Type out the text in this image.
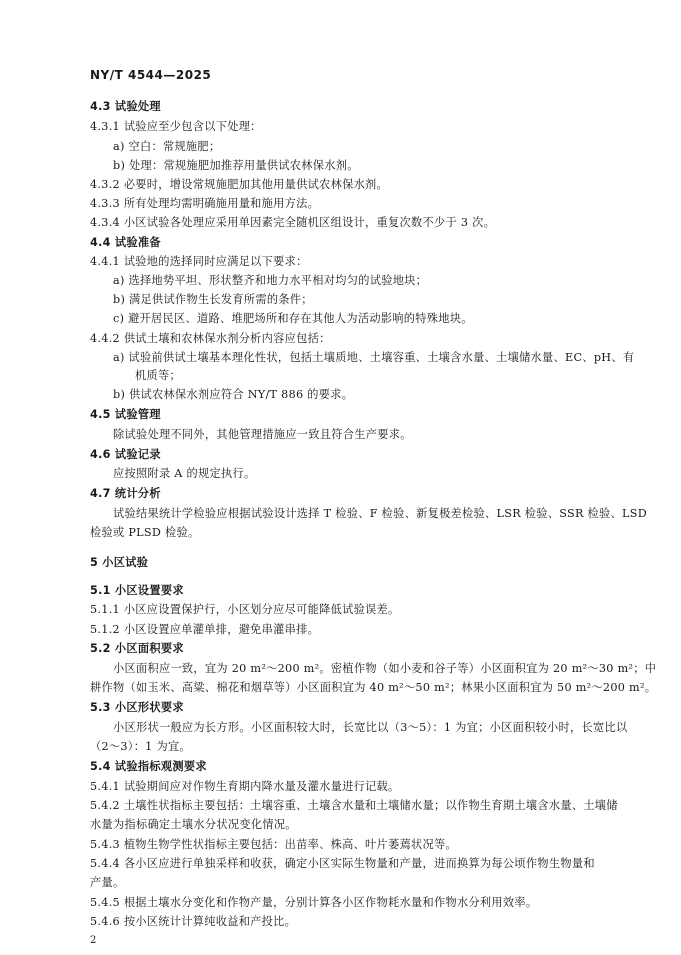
NY/T 4544—2025
4.3 试验处理
4.3.1 试验应至少包含以下处理：
a) 空白：常规施肥；
b) 处理：常规施肥加推荐用量供试农林保水剂。
4.3.2 必要时，增设常规施肥加其他用量供试农林保水剂。
4.3.3 所有处理均需明确施用量和施用方法。
4.3.4 小区试验各处理应采用单因素完全随机区组设计，重复次数不少于 3 次。
4.4 试验准备
4.4.1 试验地的选择同时应满足以下要求：
a) 选择地势平坦、形状整齐和地力水平相对均匀的试验地块；
b) 满足供试作物生长发育所需的条件；
c) 避开居民区、道路、堆肥场所和存在其他人为活动影响的特殊地块。
4.4.2 供试土壤和农林保水剂分析内容应包括：
a) 试验前供试土壤基本理化性状，包括土壤质地、土壤容重、土壤含水量、土壤储水量、EC、pH、有
机质等；
b) 供试农林保水剂应符合 NY/T 886 的要求。
4.5 试验管理
除试验处理不同外，其他管理措施应一致且符合生产要求。
4.6 试验记录
应按照附录 A 的规定执行。
4.7 统计分析
试验结果统计学检验应根据试验设计选择 T 检验、F 检验、新复极差检验、LSR 检验、SSR 检验、LSD
检验或 PLSD 检验。
5 小区试验
5.1 小区设置要求
5.1.1 小区应设置保护行，小区划分应尽可能降低试验误差。
5.1.2 小区设置应单灌单排，避免串灌串排。
5.2 小区面积要求
小区面积应一致，宜为 20 m²～200 m²。密植作物（如小麦和谷子等）小区面积宜为 20 m²～30 m²；中
耕作物（如玉米、高粱、棉花和烟草等）小区面积宜为 40 m²～50 m²；林果小区面积宜为 50 m²～200 m²。
5.3 小区形状要求
小区形状一般应为长方形。小区面积较大时，长宽比以（3～5）：1 为宜；小区面积较小时，长宽比以
（2～3）：1 为宜。
5.4 试验指标观测要求
5.4.1 试验期间应对作物生育期内降水量及灌水量进行记载。
5.4.2 土壤性状指标主要包括：土壤容重、土壤含水量和土壤储水量；以作物生育期土壤含水量、土壤储
水量为指标确定土壤水分状况变化情况。
5.4.3 植物生物学性状指标主要包括：出苗率、株高、叶片萎蔫状况等。
5.4.4 各小区应进行单独采样和收获，确定小区实际生物量和产量，进而换算为每公顷作物生物量和
产量。
5.4.5 根据土壤水分变化和作物产量，分别计算各小区作物耗水量和作物水分利用效率。
5.4.6 按小区统计计算纯收益和产投比。
2
